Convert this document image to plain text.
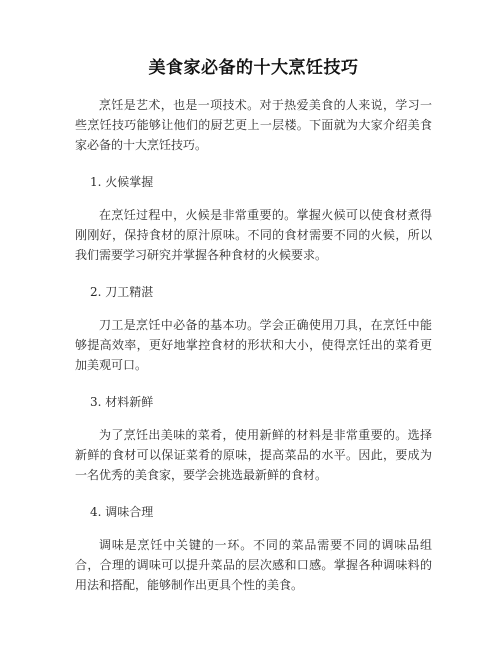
美食家必备的十大烹饪技巧

烹饪是艺术，也是一项技术。对于热爱美食的人来说，学习一些烹饪技巧能够让他们的厨艺更上一层楼。下面就为大家介绍美食家必备的十大烹饪技巧。

1. 火候掌握

在烹饪过程中，火候是非常重要的。掌握火候可以使食材煮得刚刚好，保持食材的原汁原味。不同的食材需要不同的火候，所以我们需要学习研究并掌握各种食材的火候要求。

2. 刀工精湛

刀工是烹饪中必备的基本功。学会正确使用刀具，在烹饪中能够提高效率，更好地掌控食材的形状和大小，使得烹饪出的菜肴更加美观可口。

3. 材料新鲜

为了烹饪出美味的菜肴，使用新鲜的材料是非常重要的。选择新鲜的食材可以保证菜肴的原味，提高菜品的水平。因此，要成为一名优秀的美食家，要学会挑选最新鲜的食材。

4. 调味合理

调味是烹饪中关键的一环。不同的菜品需要不同的调味品组合，合理的调味可以提升菜品的层次感和口感。掌握各种调味料的用法和搭配，能够制作出更具个性的美食。
